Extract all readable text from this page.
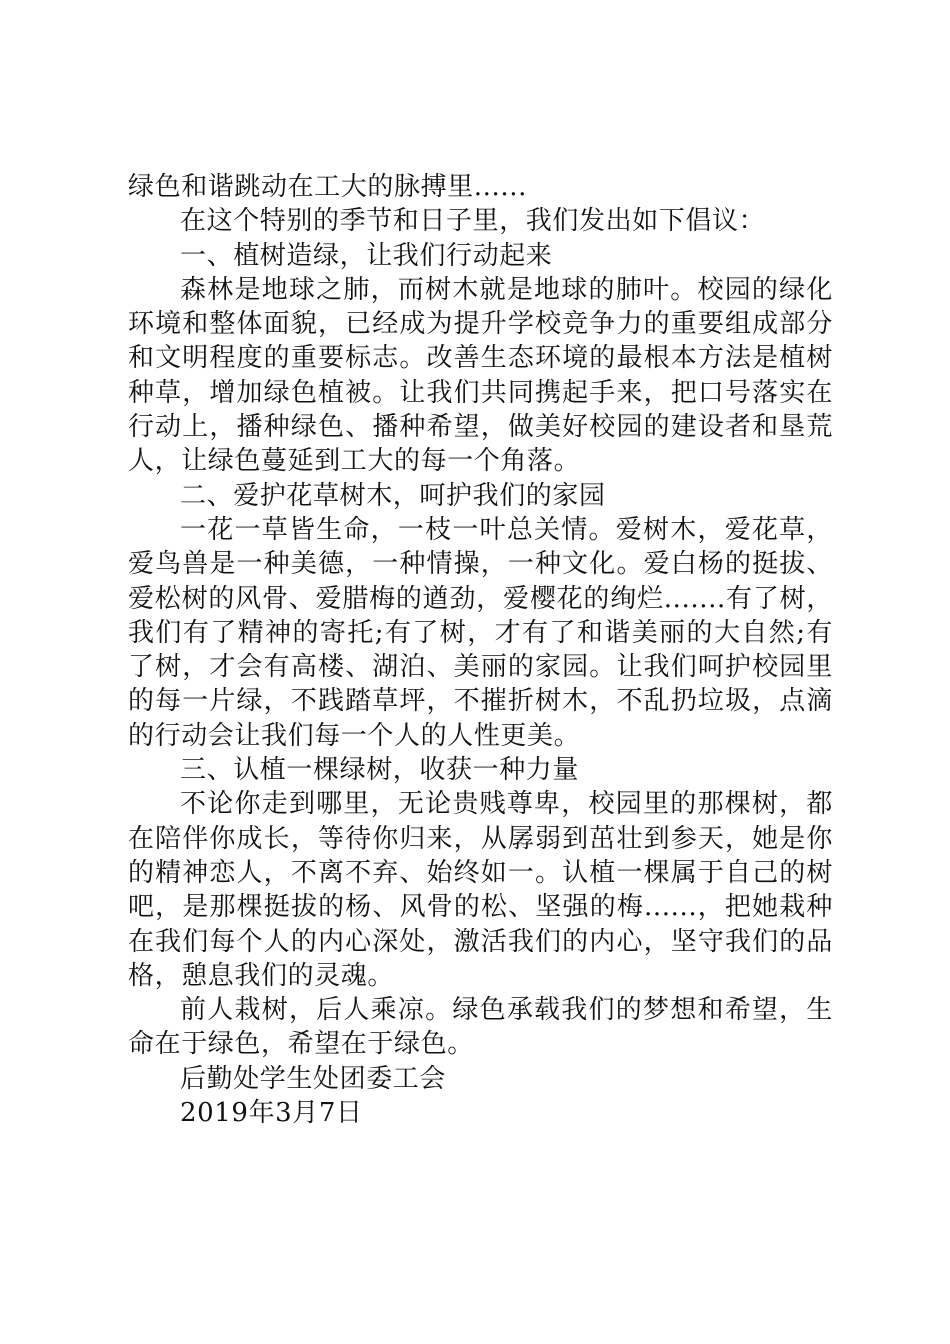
绿色和谐跳动在工大的脉搏里......

在这个特别的季节和日子里，我们发出如下倡议：

一、植树造绿，让我们行动起来

森林是地球之肺，而树木就是地球的肺叶。校园的绿化环境和整体面貌，已经成为提升学校竞争力的重要组成部分和文明程度的重要标志。改善生态环境的最根本方法是植树种草，增加绿色植被。让我们共同携起手来，把口号落实在行动上，播种绿色、播种希望，做美好校园的建设者和垦荒人，让绿色蔓延到工大的每一个角落。

二、爱护花草树木，呵护我们的家园

一花一草皆生命，一枝一叶总关情。爱树木，爱花草，爱鸟兽是一种美德，一种情操，一种文化。爱白杨的挺拔、爱松树的风骨、爱腊梅的遒劲，爱樱花的绚烂.......有了树，我们有了精神的寄托;有了树，才有了和谐美丽的大自然;有了树，才会有高楼、湖泊、美丽的家园。让我们呵护校园里的每一片绿，不践踏草坪，不摧折树木，不乱扔垃圾，点滴的行动会让我们每一个人的人性更美。

三、认植一棵绿树，收获一种力量

不论你走到哪里，无论贵贱尊卑，校园里的那棵树，都在陪伴你成长，等待你归来，从孱弱到茁壮到参天，她是你的精神恋人，不离不弃、始终如一。认植一棵属于自己的树吧，是那棵挺拔的杨、风骨的松、坚强的梅......，把她栽种在我们每个人的内心深处，激活我们的内心，坚守我们的品格，憩息我们的灵魂。

前人栽树，后人乘凉。绿色承载我们的梦想和希望，生命在于绿色，希望在于绿色。

后勤处学生处团委工会

2019年3月7日
